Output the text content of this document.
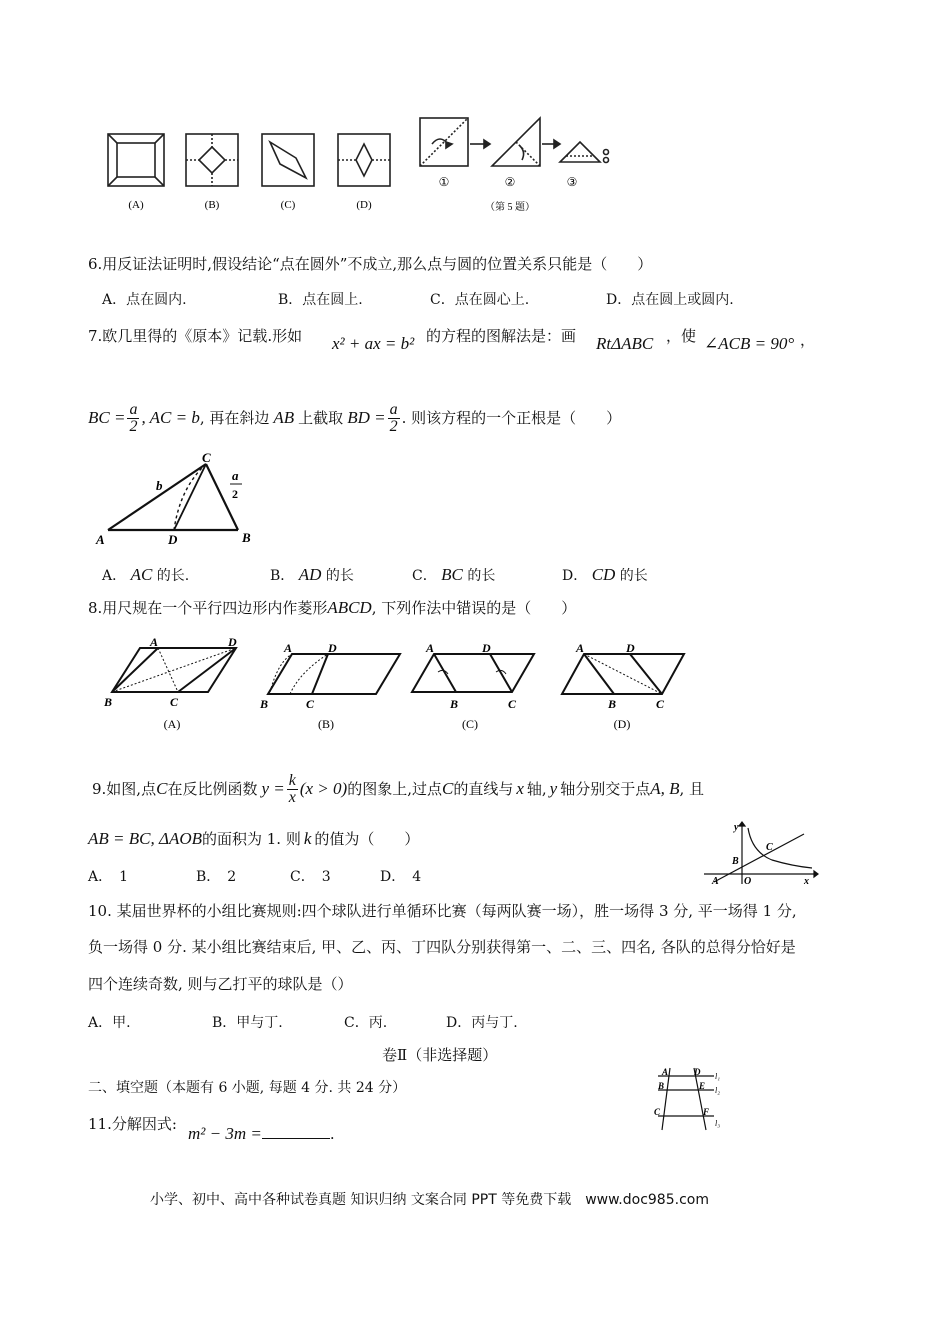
(A)	(B)	(C)	(D)
①	②	③
（第 5 题）
6.用反证法证明时,假设结论“点在圆外”不成立,那么点与圆的位置关系只能是（　　）
A．点在圆内.	B．点在圆上.	C．点在圆心上.	D．点在圆上或圆内.
7.欧几里得的《原本》记载.形如 x² + ax = b² 的方程的图解法是：画 RtΔABC ，使 ∠ACB = 90° ，
BC = $\frac{a}{2}$ , AC = b , 再在斜边 AB 上截取 BD = $\frac{a}{2}$ . 则该方程的一个正根是（　　）
C
b
a
2
A	D	B
A． AC 的长.	B． AD 的长	C． BC 的长	D． CD 的长
8.用尺规在一个平行四边形内作菱形ABCD, 下列作法中错误的是（　　）
A
B	C
D	A
B	C
D	A
B	C
D	A
B	C
D
(A)	(B)	(C)	(D)
9.如图,点 C 在反比例函数 $y = \frac{k}{x} (x > 0)$ 的图象上,过点 C 的直线与 x 轴, y 轴分别交于点 A, B , 且
AB = BC, ΔAOB的面积为 1. 则 k 的值为（　　）
A．　1	B．　2	C．　3	D．　4
y
C
B
A	O	x
10. 某届世界杯的小组比赛规则:四个球队进行单循环比赛（每两队赛一场），胜一场得 3 分, 平一场得 1 分,
负一场得 0 分. 某小组比赛结束后, 甲、乙、丙、丁四队分别获得第一、二、三、四名, 各队的总得分恰好是
四个连续奇数, 则与乙打平的球队是（）
A．甲.	B．甲与丁.	C．丙.	D．丙与丁.
卷Ⅱ（非选择题）
二、填空题（本题有 6 小题, 每题 4 分. 共 24 分）
11.分解因式: m² − 3m =	.
A	D l₁
B	E l₂
C	F
l₃
小学、初中、高中各种试卷真题 知识归纳 文案合同 PPT 等免费下载　www.doc985.com
